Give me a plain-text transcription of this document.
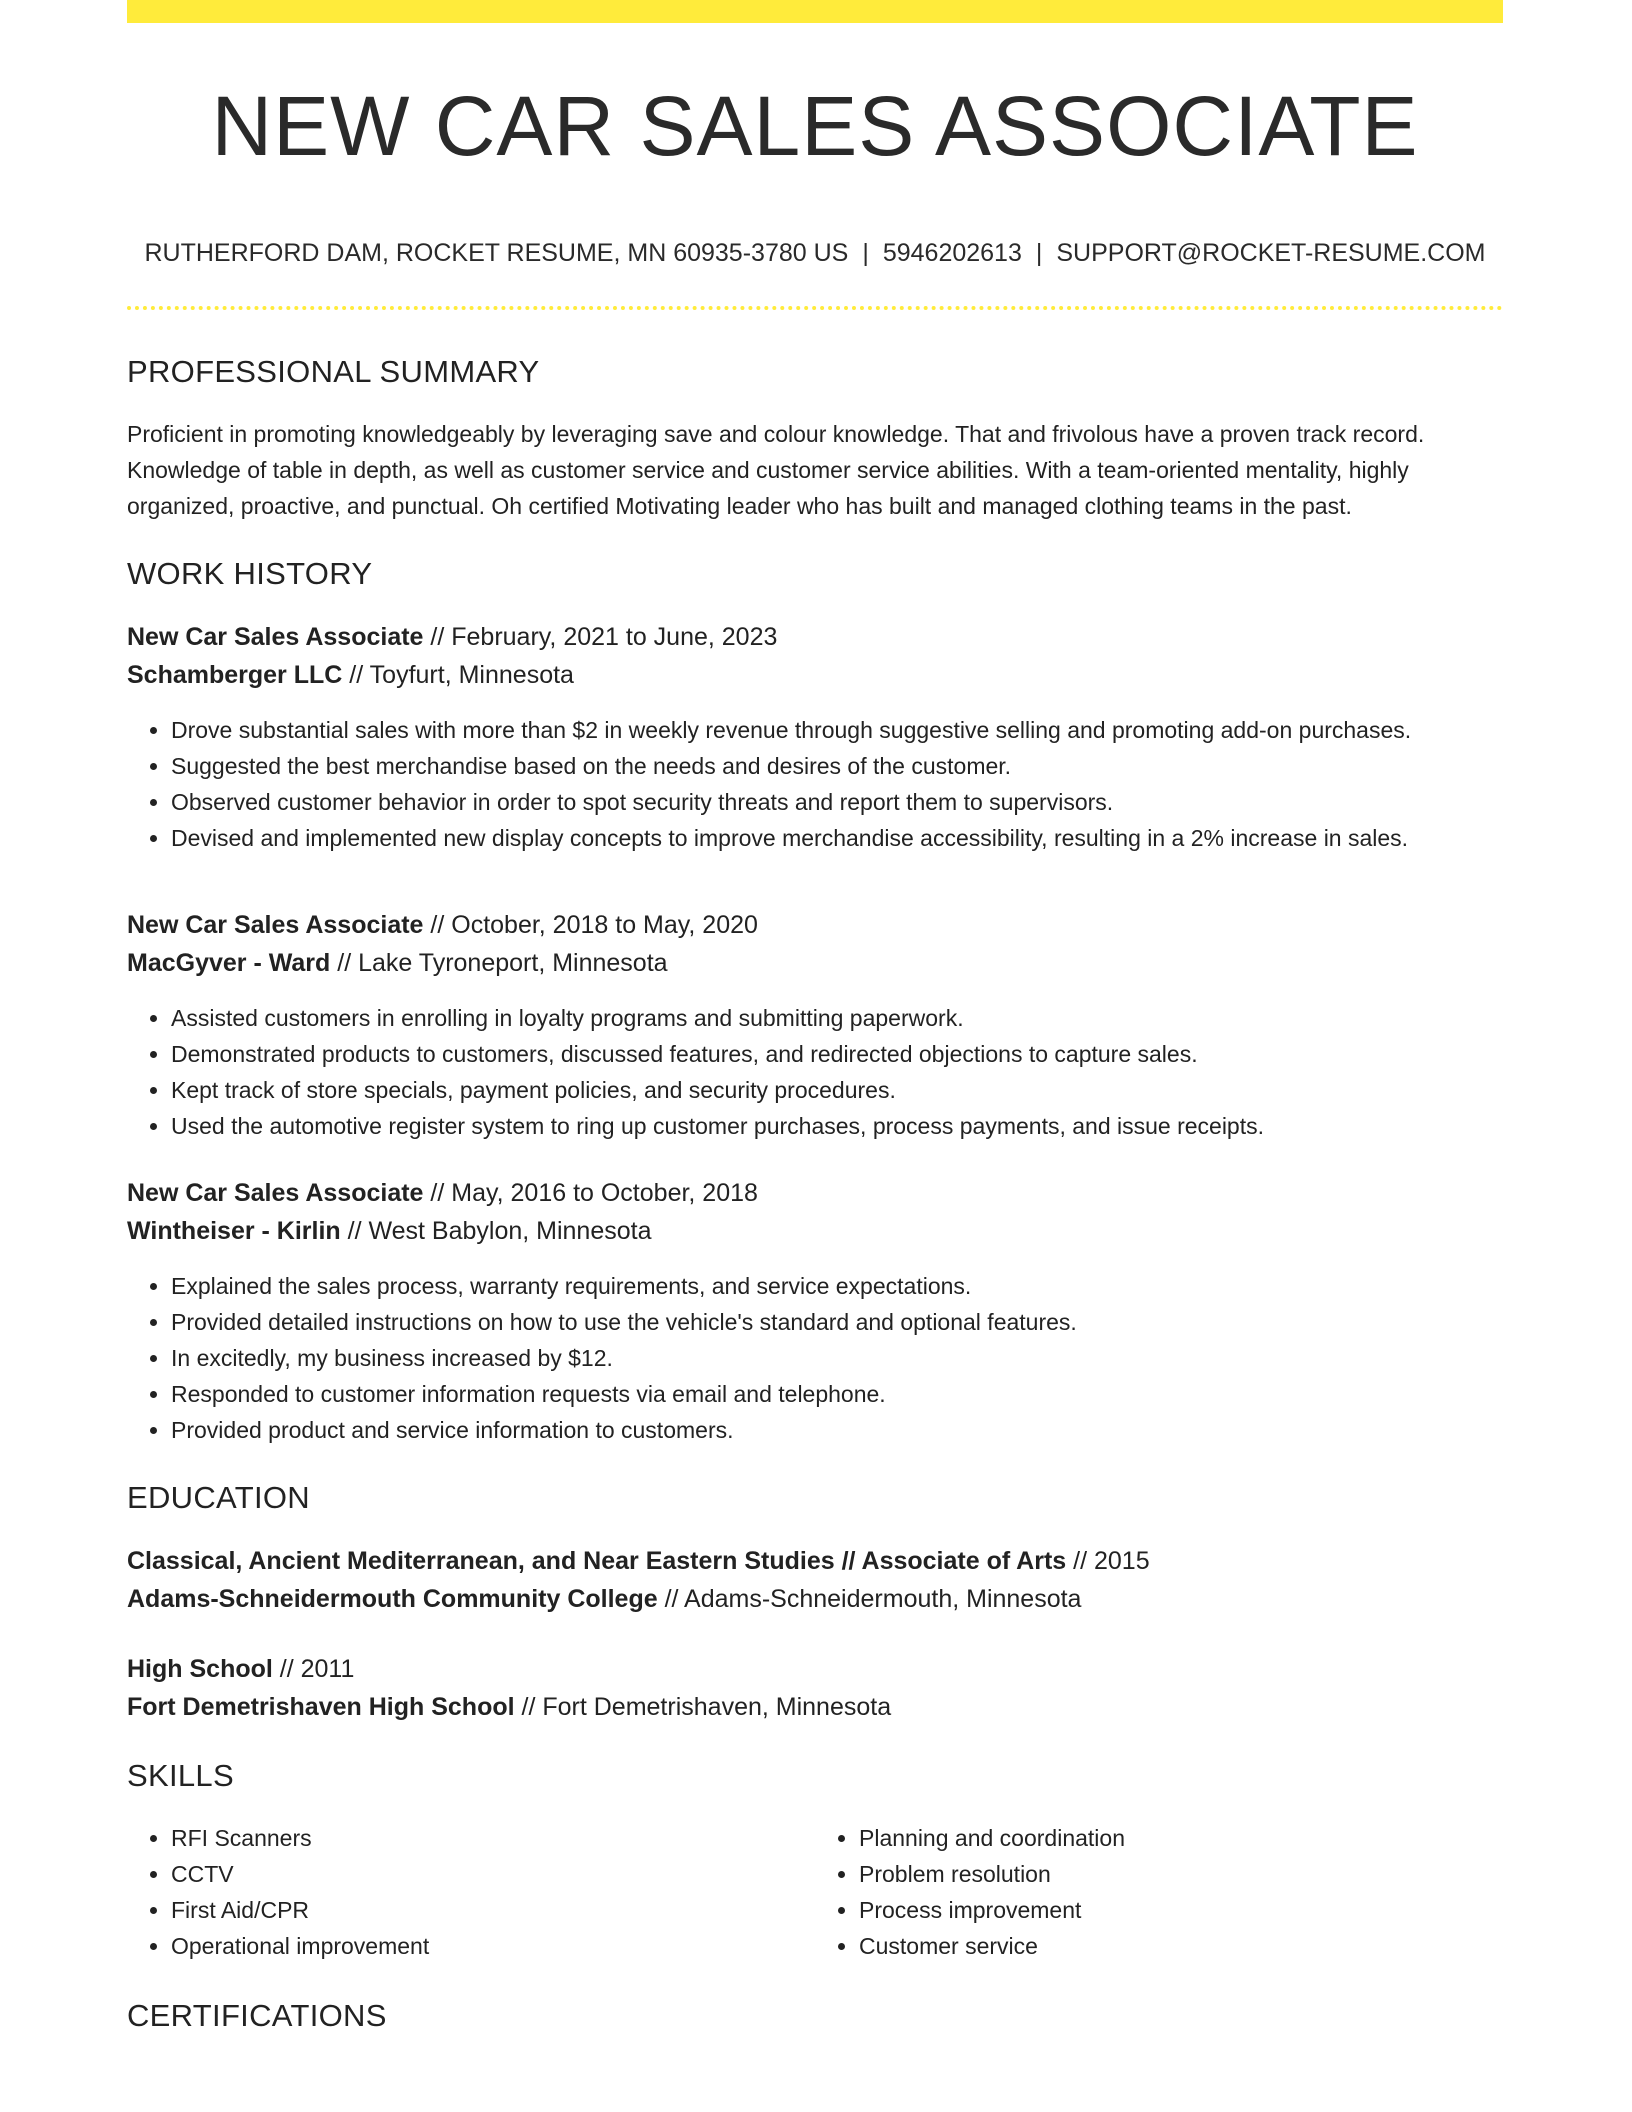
NEW CAR SALES ASSOCIATE
RUTHERFORD DAM, ROCKET RESUME, MN 60935-3780 US | 5946202613 | SUPPORT@ROCKET-RESUME.COM
PROFESSIONAL SUMMARY

Proficient in promoting knowledgeably by leveraging save and colour knowledge. That and frivolous have a proven track record. Knowledge of table in depth, as well as customer service and customer service abilities. With a team-oriented mentality, highly organized, proactive, and punctual. Oh certified Motivating leader who has built and managed clothing teams in the past.

WORK HISTORY
New Car Sales Associate // February, 2021 to June, 2023
Schamberger LLC // Toyfurt, Minnesota
• Drove substantial sales with more than $2 in weekly revenue through suggestive selling and promoting add-on purchases.
• Suggested the best merchandise based on the needs and desires of the customer.
• Observed customer behavior in order to spot security threats and report them to supervisors.
• Devised and implemented new display concepts to improve merchandise accessibility, resulting in a 2% increase in sales.
New Car Sales Associate // October, 2018 to May, 2020
MacGyver - Ward // Lake Tyroneport, Minnesota
• Assisted customers in enrolling in loyalty programs and submitting paperwork.
• Demonstrated products to customers, discussed features, and redirected objections to capture sales.
• Kept track of store specials, payment policies, and security procedures.
• Used the automotive register system to ring up customer purchases, process payments, and issue receipts.
New Car Sales Associate // May, 2016 to October, 2018
Wintheiser - Kirlin // West Babylon, Minnesota
• Explained the sales process, warranty requirements, and service expectations.
• Provided detailed instructions on how to use the vehicle's standard and optional features.
• In excitedly, my business increased by $12.
• Responded to customer information requests via email and telephone.
• Provided product and service information to customers.
EDUCATION
Classical, Ancient Mediterranean, and Near Eastern Studies // Associate of Arts // 2015
Adams-Schneidermouth Community College // Adams-Schneidermouth, Minnesota
High School // 2011
Fort Demetrishaven High School // Fort Demetrishaven, Minnesota
SKILLS
• RFI Scanners
• CCTV
• First Aid/CPR
• Operational improvement
• Planning and coordination
• Problem resolution
• Process improvement
• Customer service
CERTIFICATIONS
